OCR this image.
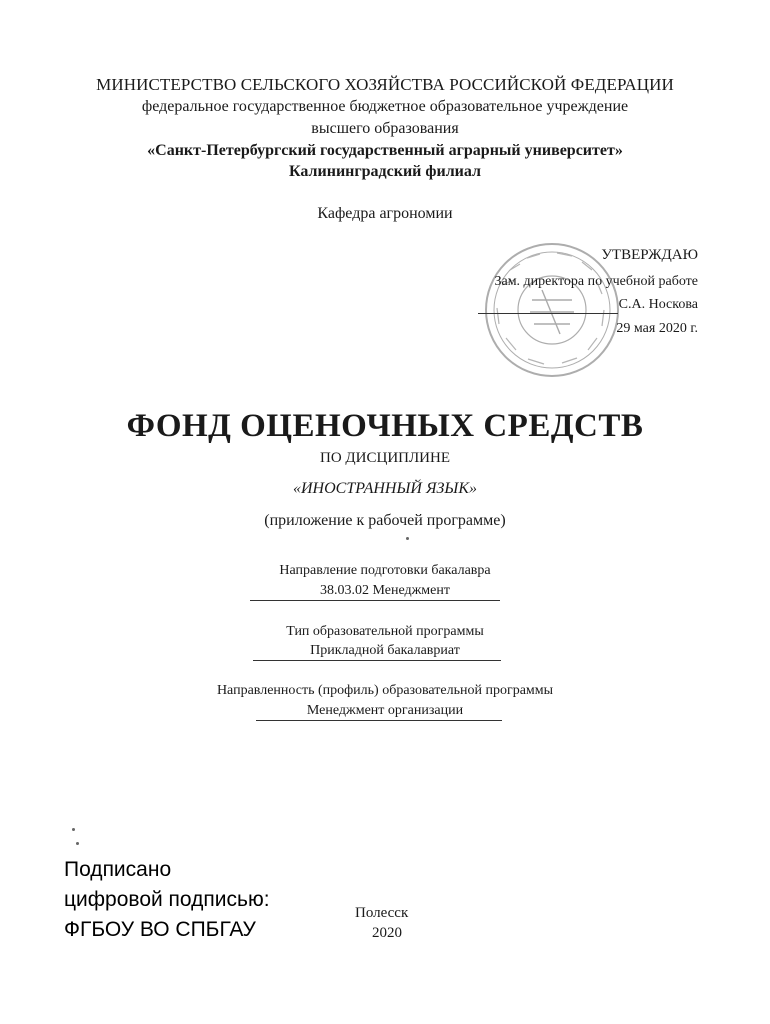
МИНИСТЕРСТВО СЕЛЬСКОГО ХОЗЯЙСТВА РОССИЙСКОЙ ФЕДЕРАЦИИ
федеральное государственное бюджетное образовательное учреждение
высшего образования
«Санкт-Петербургский государственный аграрный университет»
Калининградский филиал
Кафедра агрономии
УТВЕРЖДАЮ
Зам. директора по учебной работе
С.А. Носкова
29 мая 2020 г.
ФОНД ОЦЕНОЧНЫХ СРЕДСТВ
ПО ДИСЦИПЛИНЕ
«ИНОСТРАННЫЙ ЯЗЫК»
(приложение к рабочей программе)
Направление подготовки бакалавра
38.03.02 Менеджмент
Тип образовательной программы
Прикладной бакалавриат
Направленность (профиль) образовательной программы
Менеджмент организации
Подписано
цифровой подписью:
ФГБОУ ВО СПБГАУ
Полесск
2020
